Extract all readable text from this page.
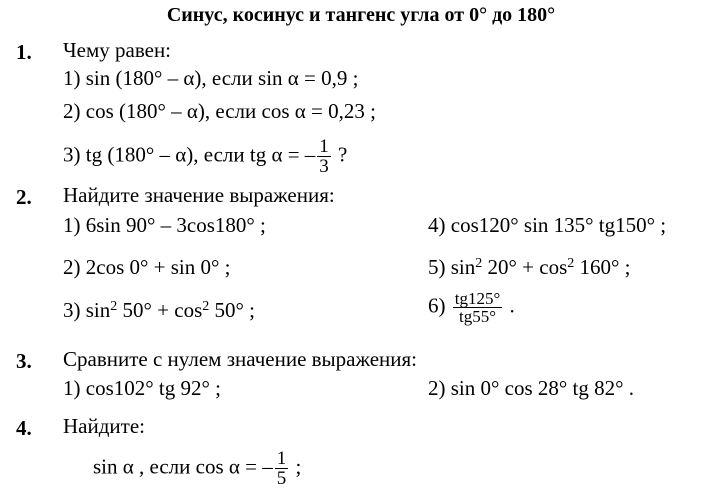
Синус, косинус и тангенс угла от 0° до 180°
1. Чему равен:
1) sin (180° – α), если sin α = 0,9 ;
2) cos (180° – α), если cos α = 0,23 ;
3) tg (180° – α), если tg α = – $\frac{1}{3}$ ?
2. Найдите значение выражения:
1) 6sin 90° – 3cos180° ;
2) 2cos 0° + sin 0° ;
3) $\sin^2 50^\circ + \cos^2 50^\circ$ ;
4) cos120° sin 135° tg150° ;
5) $\sin^2 20^\circ + \cos^2 160^\circ$ ;
$6) \frac{tg125^\circ}{tg55^\circ}$ .
3. Сравните с нулем значение выражения:
1) cos102° tg 92° ;	2) sin 0° cos 28° tg 82° .
4. Найдите:
sin α , если cos α = – $\frac{1}{5}$ ;
